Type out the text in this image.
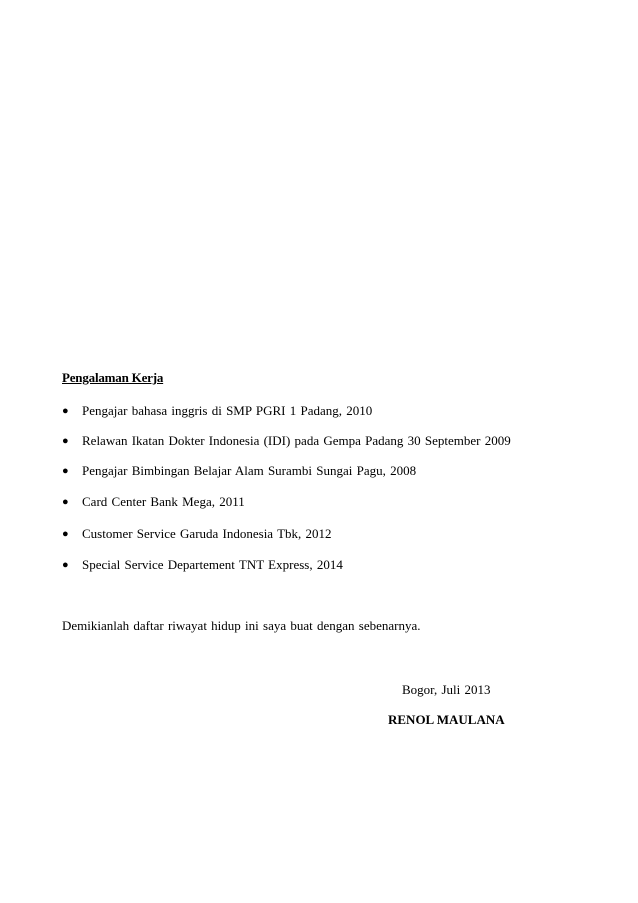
Pengalaman Kerja
● Pengajar bahasa inggris di SMP PGRI 1 Padang, 2010
● Relawan Ikatan Dokter Indonesia (IDI) pada Gempa Padang 30 September 2009
● Pengajar Bimbingan Belajar Alam Surambi Sungai Pagu, 2008
● Card Center Bank Mega, 2011
● Customer Service Garuda Indonesia Tbk, 2012
● Special Service Departement TNT Express, 2014
Demikianlah daftar riwayat hidup ini saya buat dengan sebenarnya.
Bogor, Juli 2013
RENOL MAULANA
